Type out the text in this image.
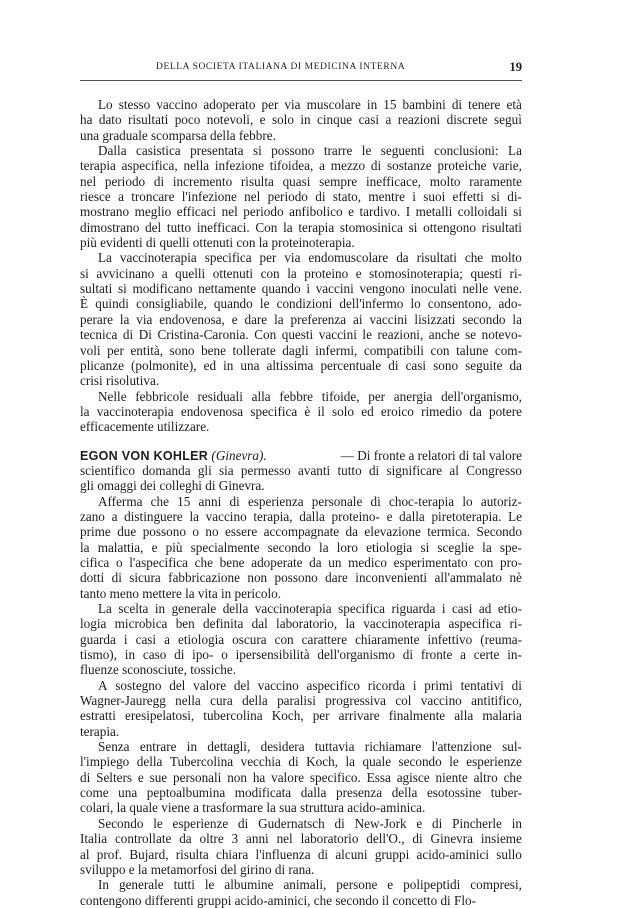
DELLA SOCIETA ITALIANA DI MEDICINA INTERNA	19
Lo stesso vaccino adoperato per via muscolare in 15 bambini di tenere età
ha dato risultati poco notevoli, e solo in cinque casi a reazioni discrete seguì
una graduale scomparsa della febbre.
Dalla casistica presentata si possono trarre le seguenti conclusioni: La
terapia aspecifica, nella infezione tifoidea, a mezzo di sostanze proteiche varie,
nel periodo di incremento risulta quasi sempre inefficace, molto raramente
riesce a troncare l'infezione nel periodo di stato, mentre i suoi effetti si di-
mostrano meglio efficaci nel periodo anfibolico e tardivo. I metalli colloidali si
dimostrano del tutto inefficaci. Con la terapia stomosinica si ottengono risultati
più evidenti di quelli ottenuti con la proteinoterapia.
La vaccinoterapia specifica per via endomuscolare da risultati che molto
si avvicinano a quelli ottenuti con la proteino e stomosinoterapia; questi ri-
sultati si modificano nettamente quando i vaccini vengono inoculati nelle vene.
È quindi consigliabile, quando le condizioni dell'infermo lo consentono, ado-
perare la via endovenosa, e dare la preferenza ai vaccini lisizzati secondo la
tecnica di Di Cristina-Caronia. Con questi vaccini le reazioni, anche se notevo-
voli per entità, sono bene tollerate dagli infermi, compatibili con talune com-
plicanze (polmonite), ed in una altissima percentuale di casi sono seguite da
crisi risolutiva.
Nelle febbricole residuali alla febbre tifoide, per anergia dell'organismo,
la vaccinoterapia endovenosa specifica è il solo ed eroico rimedio da potere
efficacemente utilizzare.
EGON VON KOHLER (Ginevra).	— Di fronte a relatori di tal valore
scientifico domanda gli sia permesso avanti tutto di significare al Congresso
gli omaggi dei colleghi di Ginevra.
Afferma che 15 anni di esperienza personale di choc-terapia lo autoriz-
zano a distinguere la vaccino terapia, dalla proteino- e dalla piretoterapia. Le
prime due possono o no essere accompagnate da elevazione termica. Secondo
la malattia, e più specialmente secondo la loro etiologia si sceglie la spe-
cifica o l'aspecifica che bene adoperate da un medico esperimentato con pro-
dotti di sicura fabbricazione non possono dare inconvenienti all'ammalato nè
tanto meno mettere la vita in pericolo.
La scelta in generale della vaccinoterapia specifica riguarda i casi ad etio-
logia microbica ben definita dal laboratorio, la vaccinoterapia aspecifica ri-
guarda i casi a etiologia oscura con carattere chiaramente infettivo (reuma-
tismo), in caso di ipo- o ipersensibilità dell'organismo di fronte a certe in-
fluenze sconosciute, tossiche.
A sostegno del valore del vaccino aspecifico ricorda i primi tentativi di
Wagner-Jauregg nella cura della paralisi progressiva col vaccino antitifico,
estratti eresipelatosi, tubercolina Koch, per arrivare finalmente alla malaria
terapia.
Senza entrare in dettagli, desidera tuttavia richiamare l'attenzione sul-
l'impiego della Tubercolina vecchia di Koch, la quale secondo le esperienze
di Selters e sue personali non ha valore specifico. Essa agisce niente altro che
come una peptoalbumina modificata dalla presenza della esotossine tuber-
colari, la quale viene a trasformare la sua struttura acido-aminica.
Secondo le esperienze di Gudernatsch di New-Jork e di Pincherle in
Italia controllate da oltre 3 anni nel laboratorio dell'O., di Ginevra insieme
al prof. Bujard, risulta chiara l'influenza di alcuni gruppi acido-aminici sullo
sviluppo e la metamorfosi del girino di rana.
In generale tutti le albumine animali, persone e polipeptidi compresi,
contengono differenti gruppi acido-aminici, che secondo il concetto di Flo-
